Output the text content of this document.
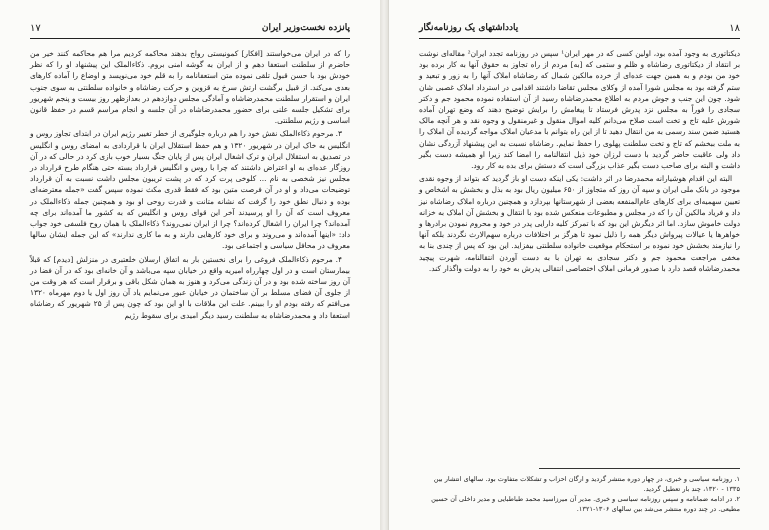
۱۷	پانزده نخست‌وزیر ایران

را که در ایران می‌خواستند [افکار] کمونیستی رواج بدهند محاکمه کردیم مرا هم محاکمه کنند خیر من حاضرم از سلطنت استعفا دهم و از ایران به گوشه امنی بروم. ذکاءالملک این پیشنهاد او را که نظر خودش بود با حسن قبول تلقی نموده متن استعفانامه را به قلم خود می‌نویسد و اوضاع را آماده کارهای بعدی می‌کند. از قبیل برگشت ارتش سرخ به قزوین و حرکت رضاشاه و خانواده سلطنتی به سوی جنوب ایران و استقرار سلطنت محمدرضاشاه و آمادگی مجلس دوازدهم در بعدازظهر روز بیست و پنجم شهریور برای تشکیل جلسه علنی برای حضور محمدرضاشاه در آن جلسه و انجام مراسم قسم در حفظ قانون اساسی و رژیم سلطنتی.

۳. مرحوم ذکاءالملک نقش خود را هم درباره جلوگیری از خطر تغییر رژیم ایران در ابتدای تجاوز روس و انگلیس به خاک ایران در شهریور ۱۳۲۰ و هم حفظ استقلال ایران با قراردادی به امضای روس و انگلیس در تصدیق به استقلال ایران و ترک اشغال ایران پس از پایان جنگ بسیار خوب بازی کرد در حالی که در آن روزگار عده‌ای به او اعتراض داشتند که چرا با روس و انگلیس قرارداد بسته حتی هنگام طرح قرارداد در مجلس نیز شخصی به نام ... کلوخی پرت کرد که در پشت تریبون مجلس داشت نسبت به آن قرارداد توضیحات می‌داد و او در آن فرصت متین بود که فقط قدری مکث نموده سپس گفت «جمله معترضه‌ای بوده و دنبال نطق خود را گرفت که نشانه متانت و قدرت روحی او بود و همچنین جمله ذکاءالملک در معروف است که آن را او پرسیدند آخر این قوای روس و انگلیس که به کشور ما آمده‌اند برای چه آمده‌اند؟ چرا ایران را اشغال کرده‌اند؟ چرا از ایران نمی‌روند؟ ذکاءالملک با همان روح فلسفی خود جواب داد: «اینها آمده‌اند و می‌روند و برای خود کارهایی دارند و به ما کاری ندارند» که این جمله ایشان سالها معروف در محافل سیاسی و اجتماعی بود.

۴. مرحوم ذکاءالملک فروغی را برای نخستین بار به اتفاق ارسلان خلعتبری در منزلش [دیدم] که قبلاً بیمارستان است و در اول چهارراه امیریه واقع در خیابان سپه می‌باشد و آن خانه‌ای بود که در آن فضا در آن روز ساخته شده بود و در آن زندگی می‌کرد و هنوز به همان شکل باقی و برقرار است که هر وقت من از جلوی آن فضای مسلط بر آن ساختمان در خیابان عبور می‌نمایم یاد آن روز اول یا دوم مهرماه ۱۳۲۰ می‌افتم که رفته بودم او را ببینم. علت این ملاقات با او این بود که چون پس از ۲۵ شهریور که رضاشاه استعفا داد و محمدرضاشاه به سلطنت رسید دیگر امیدی برای سقوط رژیم

۱۸
یادداشتهای یک روزنامه‌نگار

دیکتاتوری به وجود آمده بود، اولین کسی که در مهر ایران¹ سپس در روزنامه تجدد ایران² مقاله‌ای نوشت بر انتقاد از دیکتاتوری رضاشاه و ظلم و ستمی که [به] مردم از راه تجاوز به حقوق آنها به کار برده بود خود من بودم و به همین جهت عده‌ای از خرده مالکین شمال که رضاشاه املاک آنها را به زور و تبعید و ستم گرفته بود به مجلس شورا آمده از وکلای مجلس تقاضا داشتند اقدامی در استرداد املاک غصبی شان شود. چون این جنب و جوش مردم به اطلاع محمدرضاشاه رسید از آن استفاده نموده محمود جم و دکتر سجادی را فوراً به مجلس نزد پدرش فرستاد تا پیغامش را برایش توضیح دهند که وضع تهران آماده شورش علیه تاج و تخت است صلاح می‌دانم کلیه اموال منقول و غیرمنقول و وجوه نقد و هر آنچه مالک هستید ضمن سند رسمی به من انتقال دهید تا از این راه بتوانم با مدعیان املاک مواجه گردیده آن املاک را به ملت ببخشم که تاج و تخت سلطنت پهلوی را حفظ نمایم. رضاشاه نسبت به این پیشنهاد آزردگی نشان داد ولی عاقبت حاضر گردید با دست لرزان خود ذیل انتقالنامه را امضا کند زیرا او همیشه دست بگیر داشت و البته برای صاحب دست بگیر عذاب بزرگی است که دستش برای بده به کار رود.

البته این اقدام هوشیارانه محمدرضا در اثر داشت: یکی اینکه دست او باز گردید که بتواند از وجوه نقدی موجود در بانک ملی ایران و سپه آن روز که متجاوز از ۶۵۰ میلیون ریال بود به بذل و بخشش به اشخاص و تعیین سهمیه‌ای برای کارهای عام‌المنفعه بعضی از شهرستانها بپردازد و همچنین درباره املاک رضاشاه نیز داد و فریاد مالکین آن را که در مجلس و مطبوعات منعکس شده بود با انتقال و بخشش آن املاک به خزانه دولت خاموش سازد. اما اثر دیگرش این بود که با تمرکز کلیه دارایی پدر در خود و محروم نمودن برادرها و خواهرها یا عیالات پیرواش دیگر همه را ذلیل نمود تا هرگز بر اختلافات درباره سهم‌الارث نگردند بلکه آنها را نیازمند بخشش خود نموده بر استحکام موقعیت خانواده سلطنتی بیفزاید. این بود که پس از چندی بنا به مخفی مراجعت محمود جم و دکتر سجادی به تهران با به دست آوردن انتقالنامه، شهرت پیچید محمدرضاشاه قصد دارد با صدور فرمانی املاک اختصاصی انتقالی پدرش به خود را به دولت واگذار کند.

۱. روزنامه سیاسی و خبری، در چهار دوره منتشر گردید و ارگان احزاب و تشکلات متفاوت بود. سالهای انتشار بین ۱۳۳۵ - ۱۳۲۰، چند بار تعطیل گردید.

۲. در ادامه ضمانامه و سپس روزنامه سیاسی و خبری. مدیر آن میرزاسید محمد طباطبایی و مدیر داخلی آن حسین مطیعی. در چند دوره منتشر می‌شد بین سالهای ۱۳۰۶-۱۳۲۱.
